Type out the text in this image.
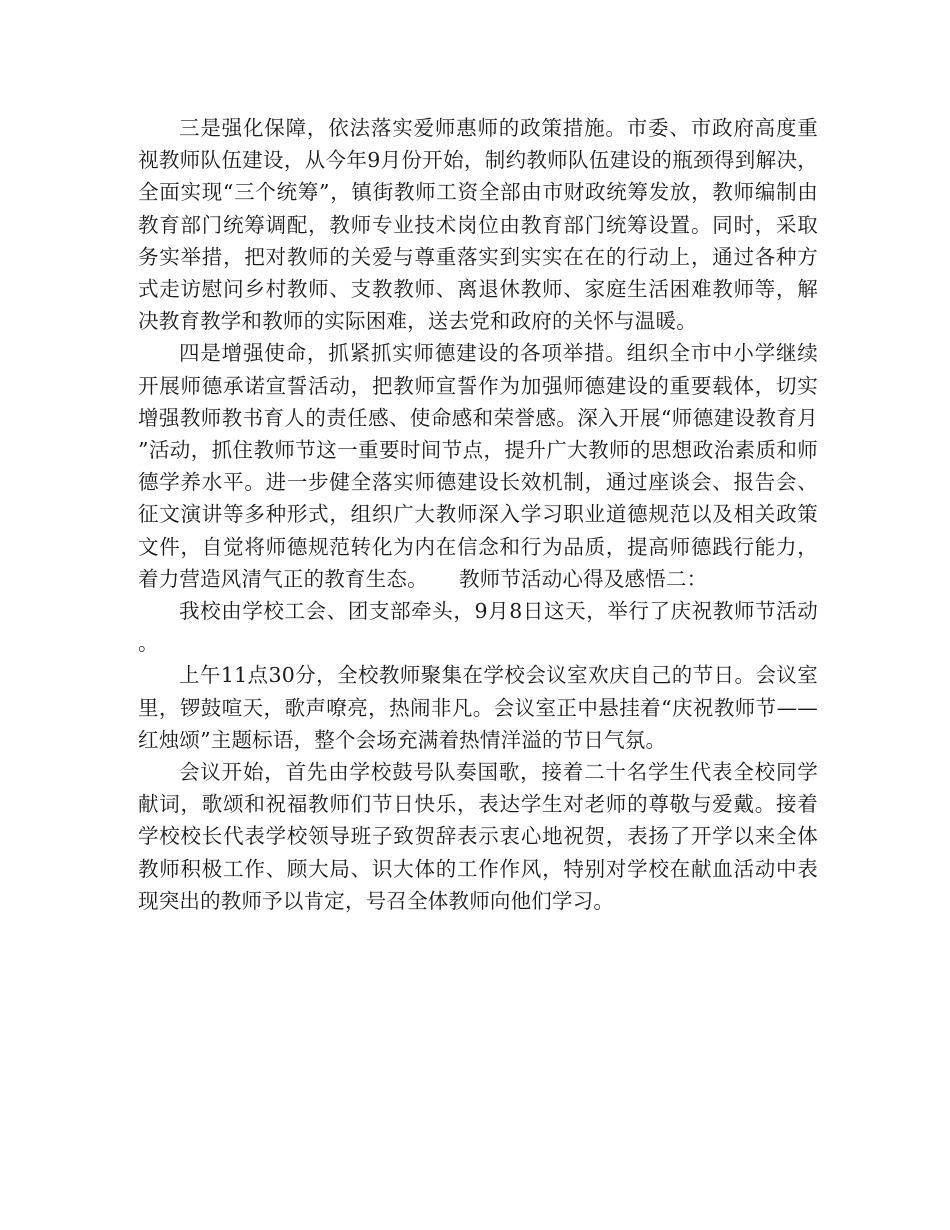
三是强化保障，依法落实爱师惠师的政策措施。市委、市政府高度重视教师队伍建设，从今年9月份开始，制约教师队伍建设的瓶颈得到解决，全面实现“三个统筹”，镇街教师工资全部由市财政统筹发放，教师编制由教育部门统筹调配，教师专业技术岗位由教育部门统筹设置。同时，采取务实举措，把对教师的关爱与尊重落实到实实在在的行动上，通过各种方式走访慰问乡村教师、支教教师、离退休教师、家庭生活困难教师等，解决教育教学和教师的实际困难，送去党和政府的关怀与温暖。

四是增强使命，抓紧抓实师德建设的各项举措。组织全市中小学继续开展师德承诺宣誓活动，把教师宣誓作为加强师德建设的重要载体，切实增强教师教书育人的责任感、使命感和荣誉感。深入开展“师德建设教育月”活动，抓住教师节这一重要时间节点，提升广大教师的思想政治素质和师德学养水平。进一步健全落实师德建设长效机制，通过座谈会、报告会、征文演讲等多种形式，组织广大教师深入学习职业道德规范以及相关政策文件，自觉将师德规范转化为内在信念和行为品质，提高师德践行能力，着力营造风清气正的教育生态。　　教师节活动心得及感悟二：

我校由学校工会、团支部牵头，9月8日这天，举行了庆祝教师节活动。

上午11点30分，全校教师聚集在学校会议室欢庆自己的节日。会议室里，锣鼓喧天，歌声嘹亮，热闹非凡。会议室正中悬挂着“庆祝教师节——红烛颂”主题标语，整个会场充满着热情洋溢的节日气氛。

会议开始，首先由学校鼓号队奏国歌，接着二十名学生代表全校同学献词，歌颂和祝福教师们节日快乐，表达学生对老师的尊敬与爱戴。接着学校校长代表学校领导班子致贺辞表示衷心地祝贺，表扬了开学以来全体教师积极工作、顾大局、识大体的工作作风，特别对学校在献血活动中表现突出的教师予以肯定，号召全体教师向他们学习。
